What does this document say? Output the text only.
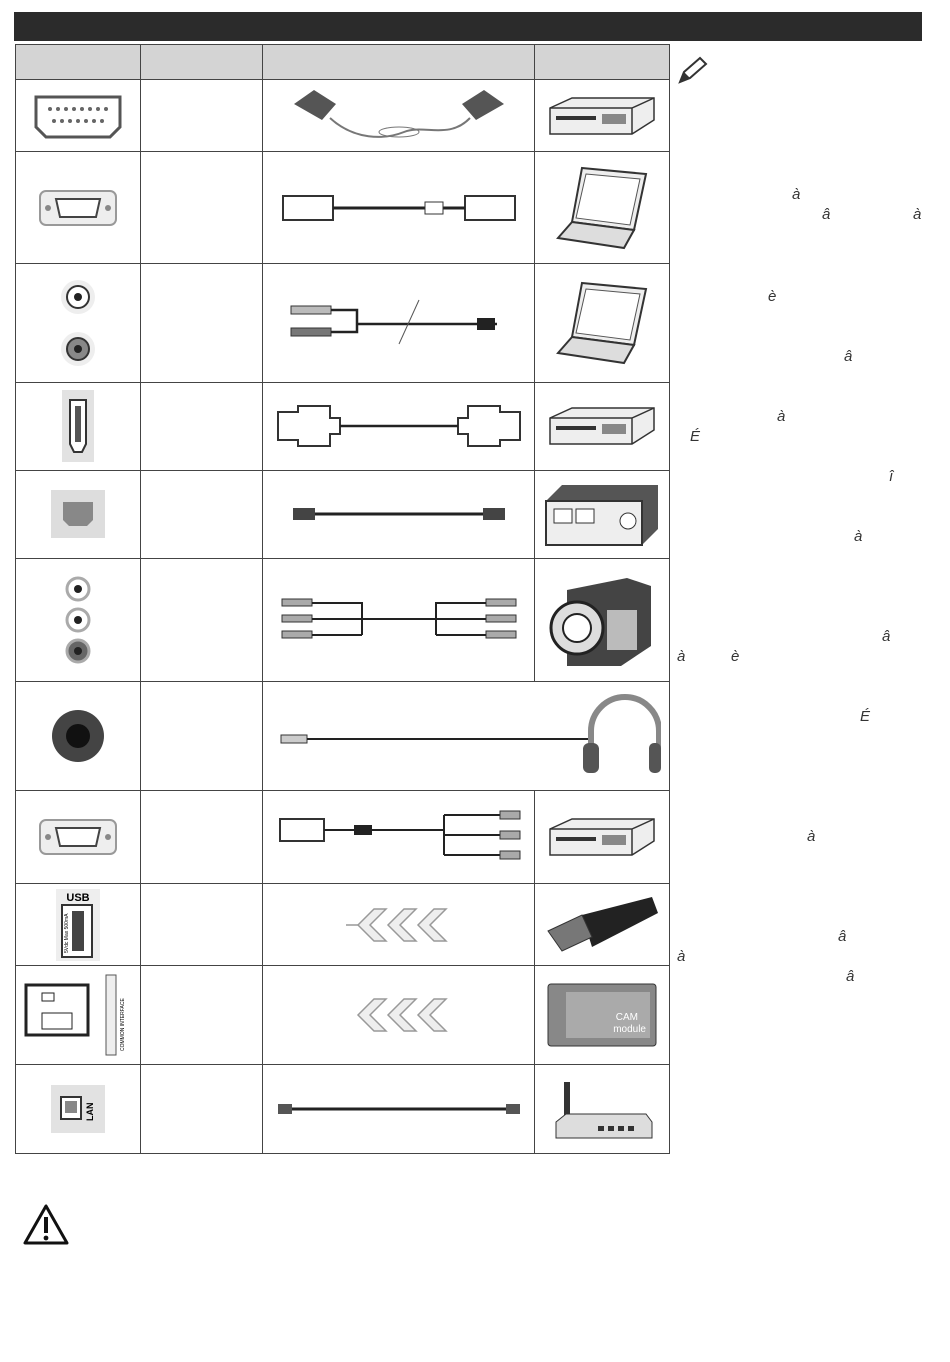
USB
5Vdc Max 500mA

COMMON INTERFACE			CAM
module

LAN

à
â	à
è
â
à
É
î
à
â
à	è
É
à
â
à
â
